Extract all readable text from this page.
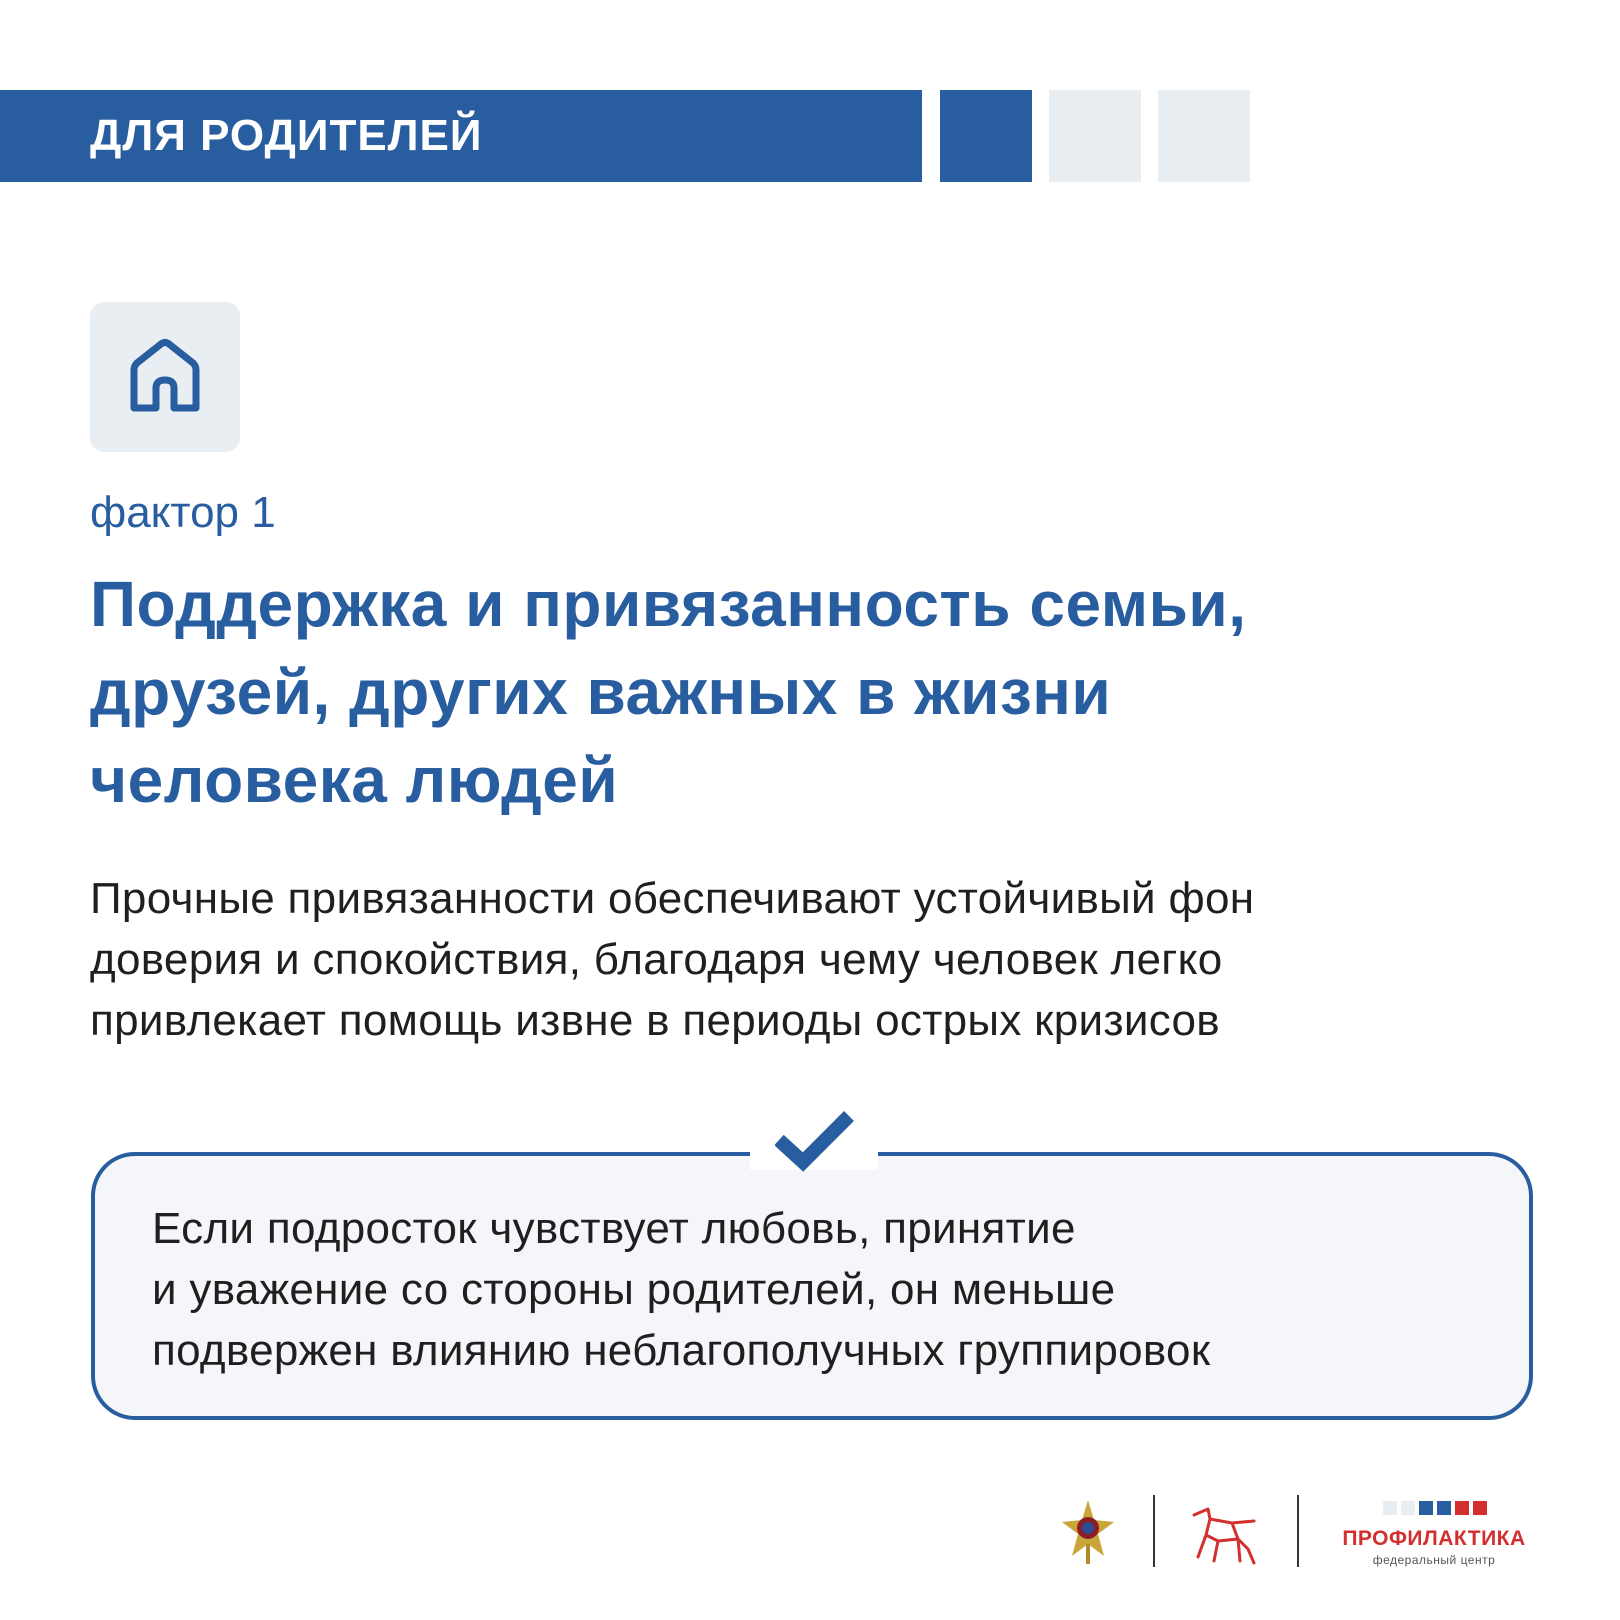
ДЛЯ РОДИТЕЛЕЙ
фактор 1
Поддержка и привязанность семьи,
друзей, других важных в жизни
человека людей
Прочные привязанности обеспечивают устойчивый фон
доверия и спокойствия, благодаря чему человек легко
привлекает помощь извне в периоды острых кризисов
Если подросток чувствует любовь, принятие
и уважение со стороны родителей, он меньше
подвержен влиянию неблагополучных группировок
ПРОФИЛАКТИКА
федеральный центр
